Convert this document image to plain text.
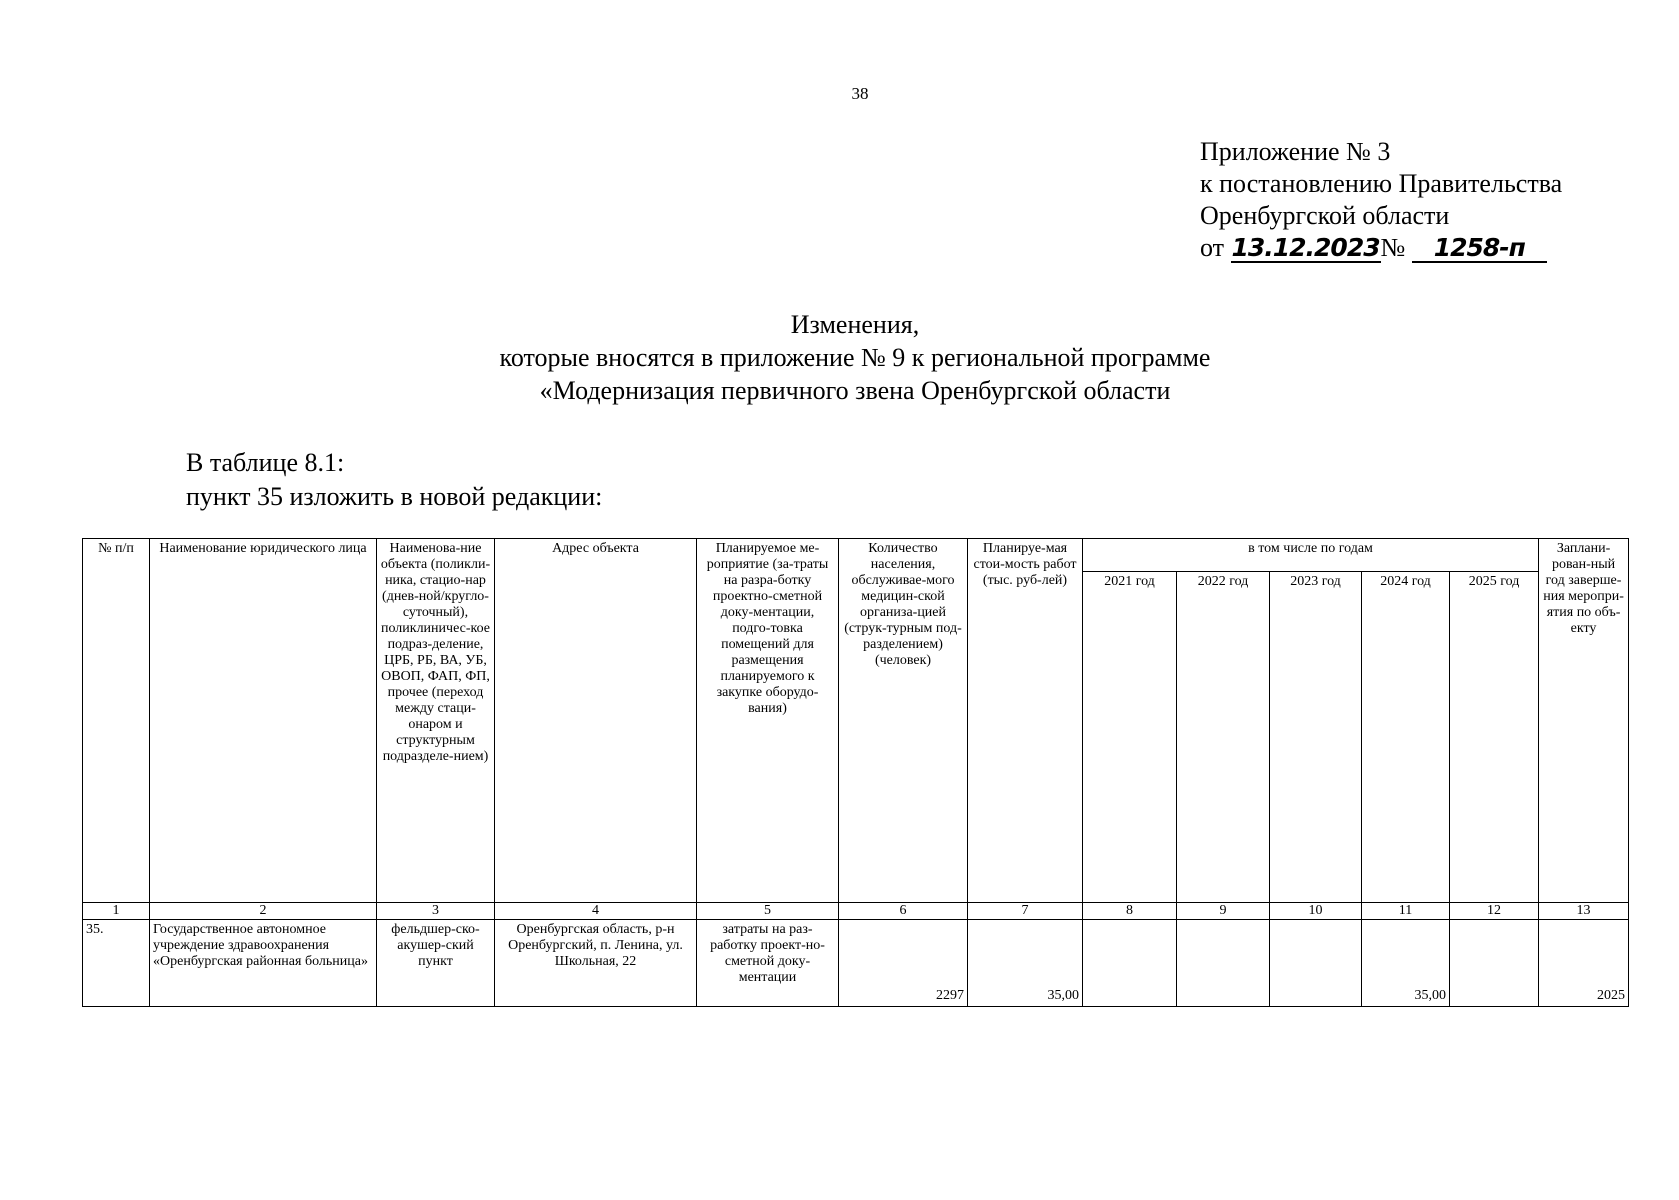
38
Приложение № 3
к постановлению Правительства
Оренбургской области
от 13.12.2023№ 1258-п
Изменения,
которые вносятся в приложение № 9 к региональной программе
«Модернизация первичного звена Оренбургской области
В таблице 8.1:
пункт 35 изложить в новой редакции:
№ п/п	Наименование юридического лица	Наименова-ние объекта (поликли-ника, стацио-нар (днев-ной/кругло-суточный), поликлиничес-кое подраз-деление, ЦРБ, РБ, ВА, УБ, ОВОП, ФАП, ФП, прочее (переход между стаци-онаром и структурным подразделе-нием)	Адрес объекта	Планируемое ме-роприятие (за-траты на разра-ботку проектно-сметной доку-ментации, подго-товка помещений для размещения планируемого к закупке оборудо-вания)	Количество населения, обслуживае-мого медицин-ской организа-цией (струк-турным под-разделением) (человек)	Планируе-мая стои-мость работ (тыс. руб-лей)	в том числе по годам					Заплани-рован-ный год заверше-ния меропри-ятия по объ-екту
							2021 год	2022 год	2023 год	2024 год	2025 год	
1	2	3	4	5	6	7	8	9	10	11	12	13
35.	Государственное автономное учреждение здравоохранения «Оренбургская районная больница»	фельдшер-ско-акушер-ский пункт	Оренбургская область, р-н Оренбургский, п. Ленина, ул. Школьная, 22	затраты на раз-работку проект-но-сметной доку-ментации	2297	35,00				35,00		2025
